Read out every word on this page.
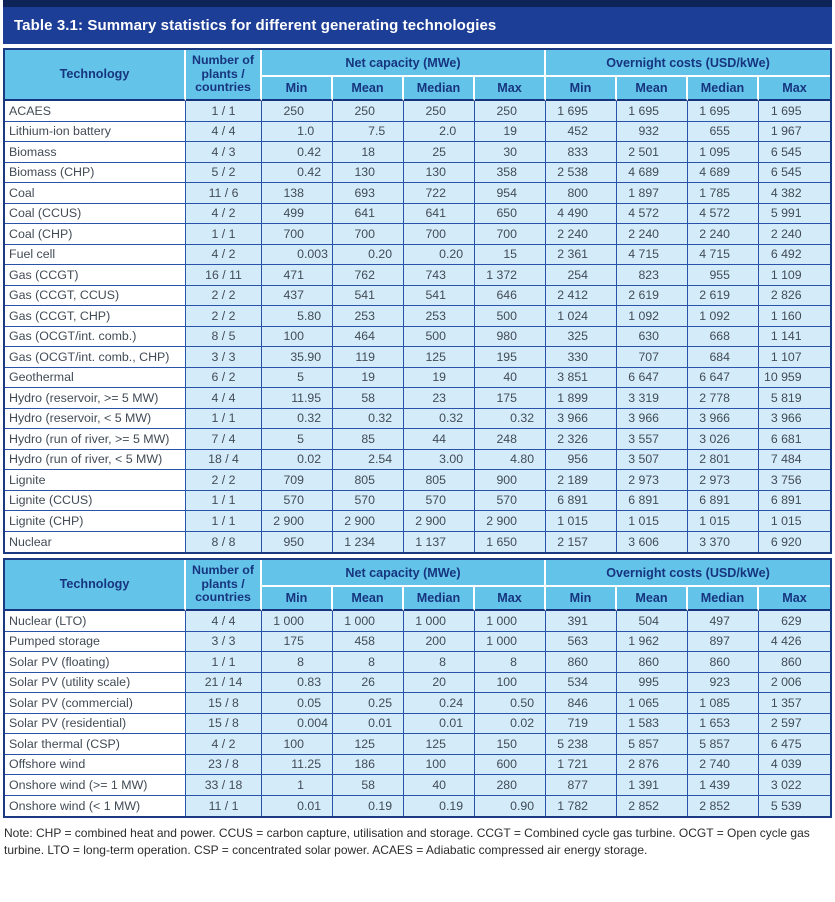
Table 3.1: Summary statistics for different generating technologies
Technology	Number of plants / countries	Net capacity (MWe)				Overnight costs (USD/kWe)			
		Min	Mean	Median	Max	Min	Mean	Median	Max
ACAES	1 / 1	250	250	250	250	1 695	1 695	1 695	1 695

Lithium-ion battery	4 / 4	1 .0	7 .5	2 .0	19	452	932	655	1 967

Biomass	4 / 3	0 .42	18	25	30	833	2 501	1 095	6 545

Biomass (CHP)	5 / 2	0 .42	130	130	358	2 538	4 689	4 689	6 545

Coal	11 / 6	138	693	722	954	800	1 897	1 785	4 382

Coal (CCUS)	4 / 2	499	641	641	650	4 490	4 572	4 572	5 991

Coal (CHP)	1 / 1	700	700	700	700	2 240	2 240	2 240	2 240

Fuel cell	4 / 2	0 .003	0 .20	0 .20	15	2 361	4 715	4 715	6 492

Gas (CCGT)	16 / 11	471	762	743	1 372	254	823	955	1 109

Gas (CCGT, CCUS)	2 / 2	437	541	541	646	2 412	2 619	2 619	2 826

Gas (CCGT, CHP)	2 / 2	5 .80	253	253	500	1 024	1 092	1 092	1 160

Gas (OCGT/int. comb.)	8 / 5	100	464	500	980	325	630	668	1 141

Gas (OCGT/int. comb., CHP)	3 / 3	35 .90	119	125	195	330	707	684	1 107

Geothermal	6 / 2	5	19	19	40	3 851	6 647	6 647	10 959

Hydro (reservoir, >= 5 MW)	4 / 4	11 .95	58	23	175	1 899	3 319	2 778	5 819

Hydro (reservoir, < 5 MW)	1 / 1	0 .32	0 .32	0 .32	0 .32	3 966	3 966	3 966	3 966

Hydro (run of river, >= 5 MW)	7 / 4	5	85	44	248	2 326	3 557	3 026	6 681

Hydro (run of river, < 5 MW)	18 / 4	0 .02	2 .54	3 .00	4 .80	956	3 507	2 801	7 484

Lignite	2 / 2	709	805	805	900	2 189	2 973	2 973	3 756

Lignite (CCUS)	1 / 1	570	570	570	570	6 891	6 891	6 891	6 891

Lignite (CHP)	1 / 1	2 900	2 900	2 900	2 900	1 015	1 015	1 015	1 015

Nuclear	8 / 8	950	1 234	1 137	1 650	2 157	3 606	3 370	6 920
Technology	Number of plants / countries	Net capacity (MWe)				Overnight costs (USD/kWe)			
		Min	Mean	Median	Max	Min	Mean	Median	Max
Nuclear (LTO)	4 / 4	1 000	1 000	1 000	1 000	391	504	497	629

Pumped storage	3 / 3	175	458	200	1 000	563	1 962	897	4 426

Solar PV (floating)	1 / 1	8	8	8	8	860	860	860	860

Solar PV (utility scale)	21 / 14	0 .83	26	20	100	534	995	923	2 006

Solar PV (commercial)	15 / 8	0 .05	0 .25	0 .24	0 .50	846	1 065	1 085	1 357

Solar PV (residential)	15 / 8	0 .004	0 .01	0 .01	0 .02	719	1 583	1 653	2 597

Solar thermal (CSP)	4 / 2	100	125	125	150	5 238	5 857	5 857	6 475

Offshore wind	23 / 8	11 .25	186	100	600	1 721	2 876	2 740	4 039

Onshore wind (>= 1 MW)	33 / 18	1	58	40	280	877	1 391	1 439	3 022

Onshore wind (< 1 MW)	11 / 1	0 .01	0 .19	0 .19	0 .90	1 782	2 852	2 852	5 539
Note: CHP = combined heat and power. CCUS = carbon capture, utilisation and storage. CCGT = Combined cycle gas turbine. OCGT = Open cycle gas turbine. LTO = long-term operation. CSP = concentrated solar power. ACAES = Adiabatic compressed air energy storage.
